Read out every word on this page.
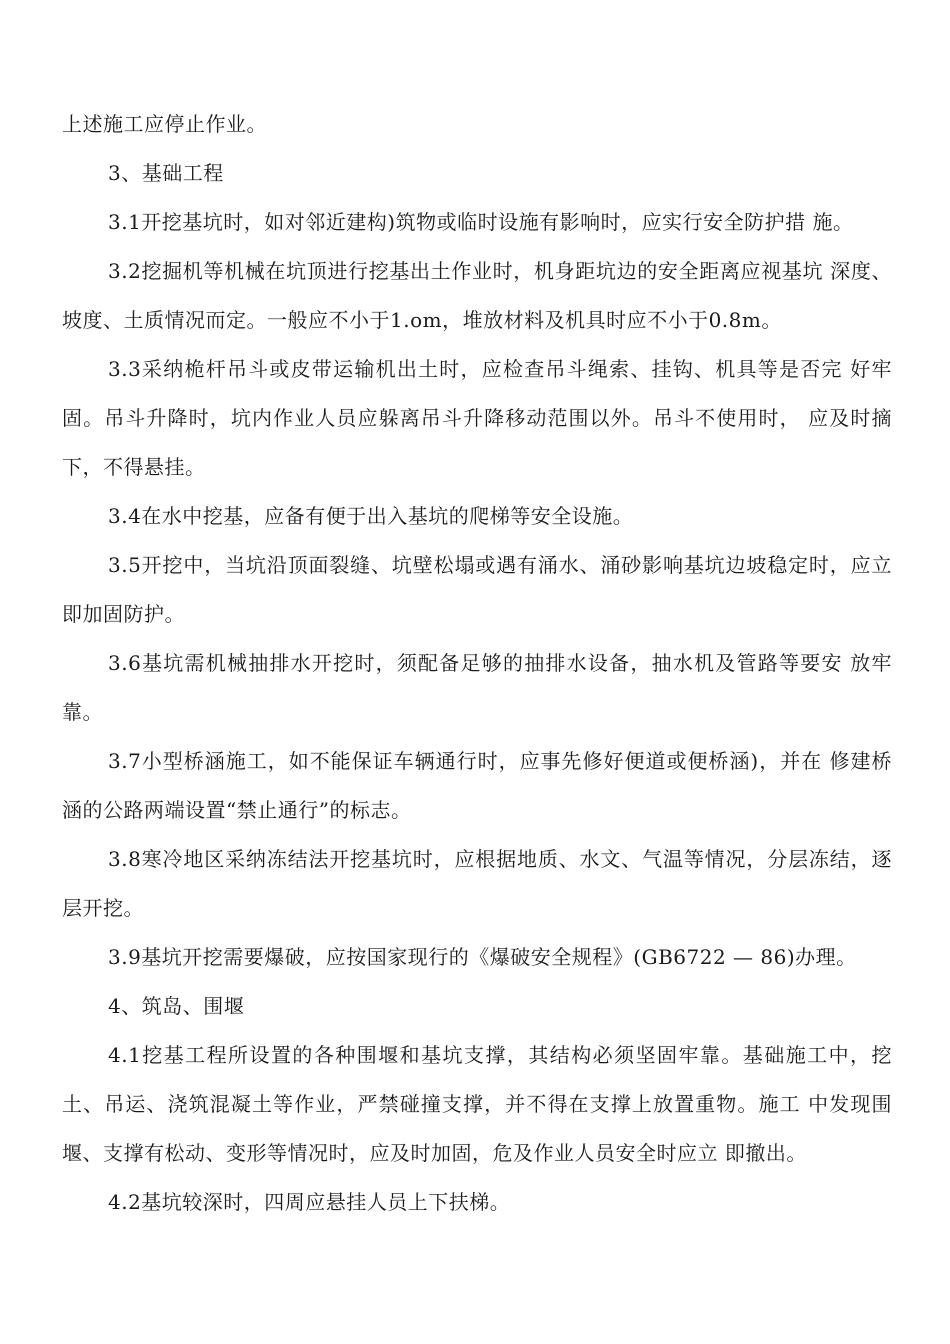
上述施工应停止作业。

3、基础工程

3.1开挖基坑时，如对邻近建构)筑物或临时设施有影响时，应实行安全防护措 施。

3.2挖掘机等机械在坑顶进行挖基出土作业时，机身距坑边的安全距离应视基坑 深度、坡度、土质情况而定。一般应不小于1.om，堆放材料及机具时应不小于0.8m。

3.3采纳桅杆吊斗或皮带运输机出土时，应检查吊斗绳索、挂钩、机具等是否完 好牢固。吊斗升降时，坑内作业人员应躲离吊斗升降移动范围以外。吊斗不使用时， 应及时摘下，不得悬挂。

3.4在水中挖基，应备有便于出入基坑的爬梯等安全设施。

3.5开挖中，当坑沿顶面裂缝、坑壁松塌或遇有涌水、涌砂影响基坑边坡稳定时，应立即加固防护。

3.6基坑需机械抽排水开挖时，须配备足够的抽排水设备，抽水机及管路等要安 放牢靠。

3.7小型桥涵施工，如不能保证车辆通行时，应事先修好便道或便桥涵)，并在 修建桥涵的公路两端设置“禁止通行”的标志。

3.8寒冷地区采纳冻结法开挖基坑时，应根据地质、水文、气温等情况，分层冻结，逐层开挖。

3.9基坑开挖需要爆破，应按国家现行的《爆破安全规程》(GB6722 — 86)办理。

4、筑岛、围堰

4.1挖基工程所设置的各种围堰和基坑支撑，其结构必须坚固牢靠。基础施工中，挖土、吊运、浇筑混凝土等作业，严禁碰撞支撑，并不得在支撑上放置重物。施工 中发现围堰、支撑有松动、变形等情况时，应及时加固，危及作业人员安全时应立 即撤出。

4.2基坑较深时，四周应悬挂人员上下扶梯。
